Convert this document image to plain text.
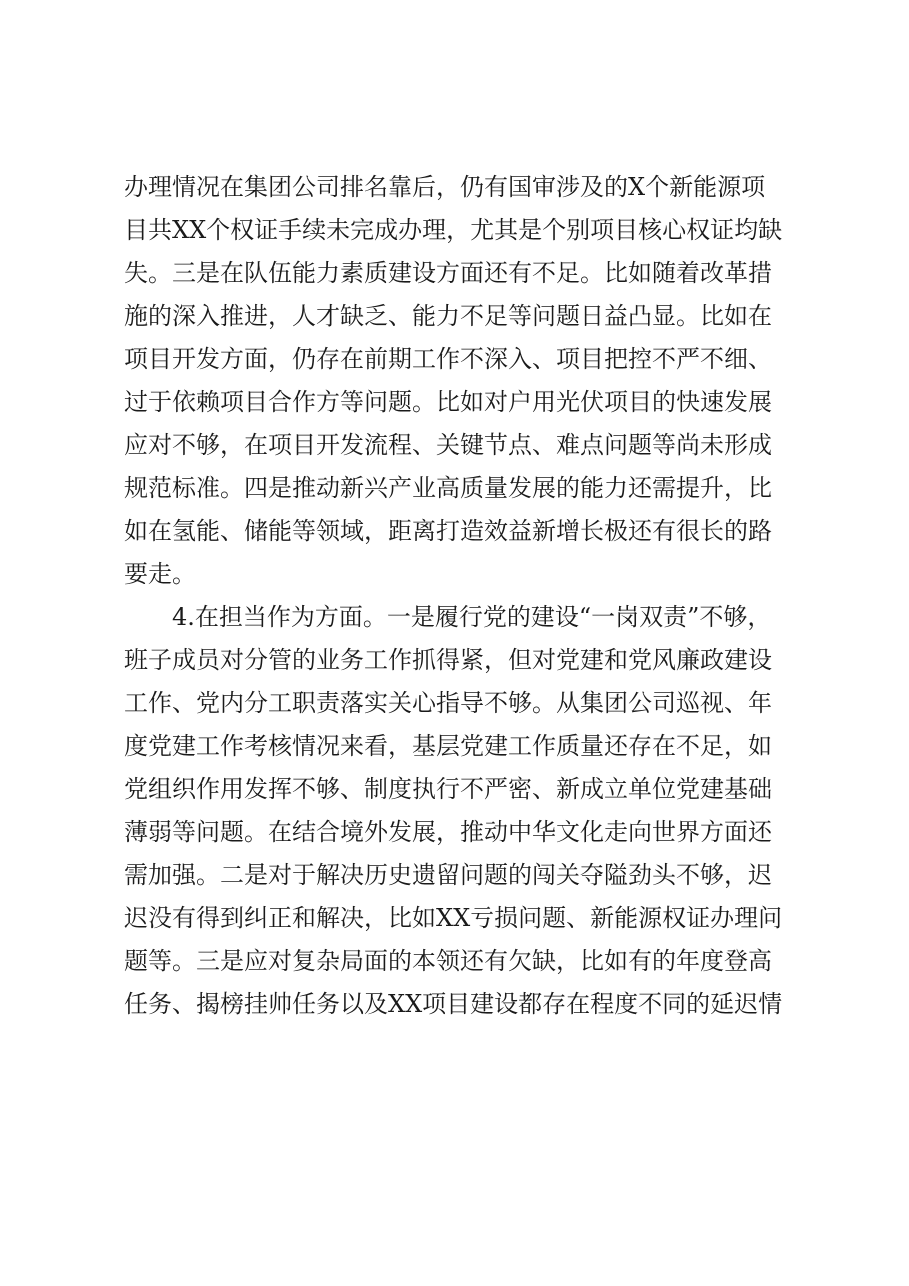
办理情况在集团公司排名靠后，仍有国审涉及的X个新能源项

目共XX个权证手续未完成办理，尤其是个别项目核心权证均缺

失。三是在队伍能力素质建设方面还有不足。比如随着改革措

施的深入推进，人才缺乏、能力不足等问题日益凸显。比如在

项目开发方面，仍存在前期工作不深入、项目把控不严不细、

过于依赖项目合作方等问题。比如对户用光伏项目的快速发展

应对不够，在项目开发流程、关键节点、难点问题等尚未形成

规范标准。四是推动新兴产业高质量发展的能力还需提升，比

如在氢能、储能等领域，距离打造效益新增长极还有很长的路

要走。

4.在担当作为方面。一是履行党的建设“一岗双责”不够，

班子成员对分管的业务工作抓得紧，但对党建和党风廉政建设

工作、党内分工职责落实关心指导不够。从集团公司巡视、年

度党建工作考核情况来看，基层党建工作质量还存在不足，如

党组织作用发挥不够、制度执行不严密、新成立单位党建基础

薄弱等问题。在结合境外发展，推动中华文化走向世界方面还

需加强。二是对于解决历史遗留问题的闯关夺隘劲头不够，迟

迟没有得到纠正和解决，比如XX亏损问题、新能源权证办理问

题等。三是应对复杂局面的本领还有欠缺，比如有的年度登高

任务、揭榜挂帅任务以及XX项目建设都存在程度不同的延迟情
